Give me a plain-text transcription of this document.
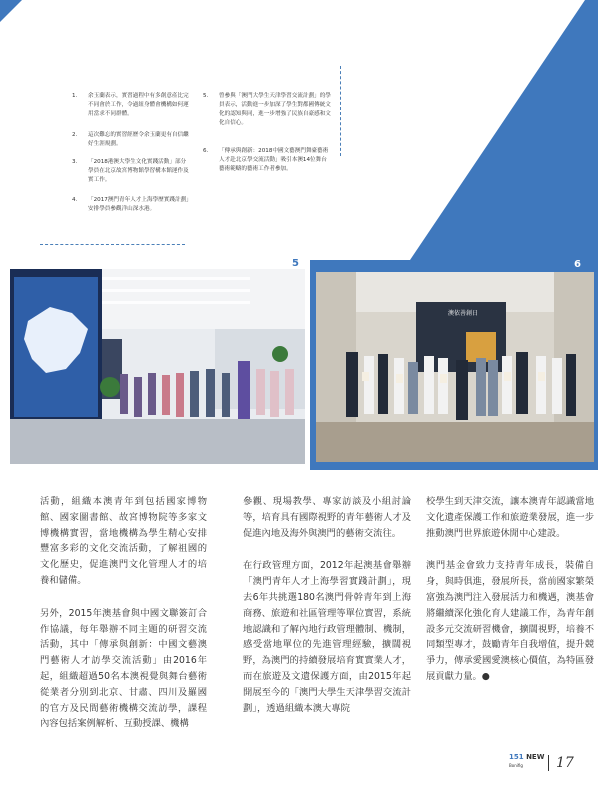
1.	余玉蘭表示，實習過程中有多創意產比完不同會於工作，令過紐身體會機構如何運用當求不同群體。
2.	這次難忘的實習經歷令余玉蘭更有自信繼好生涯規劃。
3.	「2018港澳大學生文化實踐活動」部分學員在北京故宮博物館學習構本館運作及實工作。
4.	「2017澳門青年人才上海學歷實踐計劃」安排學員參觀洋山深水港。
5.	曾參與「澳門大學生天津學習交流計劃」的學員表示，活動進一步加深了學生對都國傳統文化的認知與同，進一步增強了民族自豪感和文化自信心。
6.	「傳承與創新：2018中國文藝澳門舞臺藝術人才赴北京學交流活動」吸引本澳14位舞台藝術範疇的藝術工作者參加。
5
澳依善創日
6

活動，組織本澳青年到包括國家博物館、國家圖書館、故宮博物院等多家文博機構實習，當地機構為學生精心安排豐富多彩的文化交流活動，了解祖國的文化歷史，促進澳門文化管理人才的培養和儲備。

另外，2015年澳基會與中國文聯簽訂合作協議，每年舉辦不同主題的研習交流活動，其中「傳承與創新：中國文藝澳門藝術人才訪學交流活動」由2016年起，組織超過50名本澳視覺與舞台藝術從業者分別到北京、甘肅、四川及羅國的官方及民間藝術機構交流訪學，課程內容包括案例解析、互動授課、機構

參觀、現場教學、專家訪談及小組討論等，培育具有國際視野的青年藝術人才及促進內地及海外與澳門的藝術交流往。

在行政管理方面，2012年起澳基會舉辦「澳門青年人才上海學習實踐計劃」，現去6年共挑選180名澳門骨幹青年到上海商務、旅遊和社區管理等單位實習，系統地認識和了解內地行政管理體制、機制，感受當地單位的先進管理經驗，擴闊視野，為澳門的持續發展培育實實業人才，而在旅遊及文遺保護方面，由2015年起開展至今的「澳門大學生天津學習交流計劃」，透過組織本澳大專院

校學生到天津交流，讓本澳青年認識當地文化遺產保護工作和旅遊業發展，進一步推動澳門世界旅遊休閒中心建設。

澳門基金會致力支持青年成長，裝備自身，與時俱進，發展所長，當前國家繁榮富強為澳門注入發展活力和機遇，澳基會將繼續深化強化育人建議工作，為青年創設多元交流研習機會，擴闊視野，培養不同類型專才，鼓勵青年自我增值，提升競爭力，傳承愛國愛澳核心價值，為特區發展貢獻力量。●

151 NEW
Bonifig	17
